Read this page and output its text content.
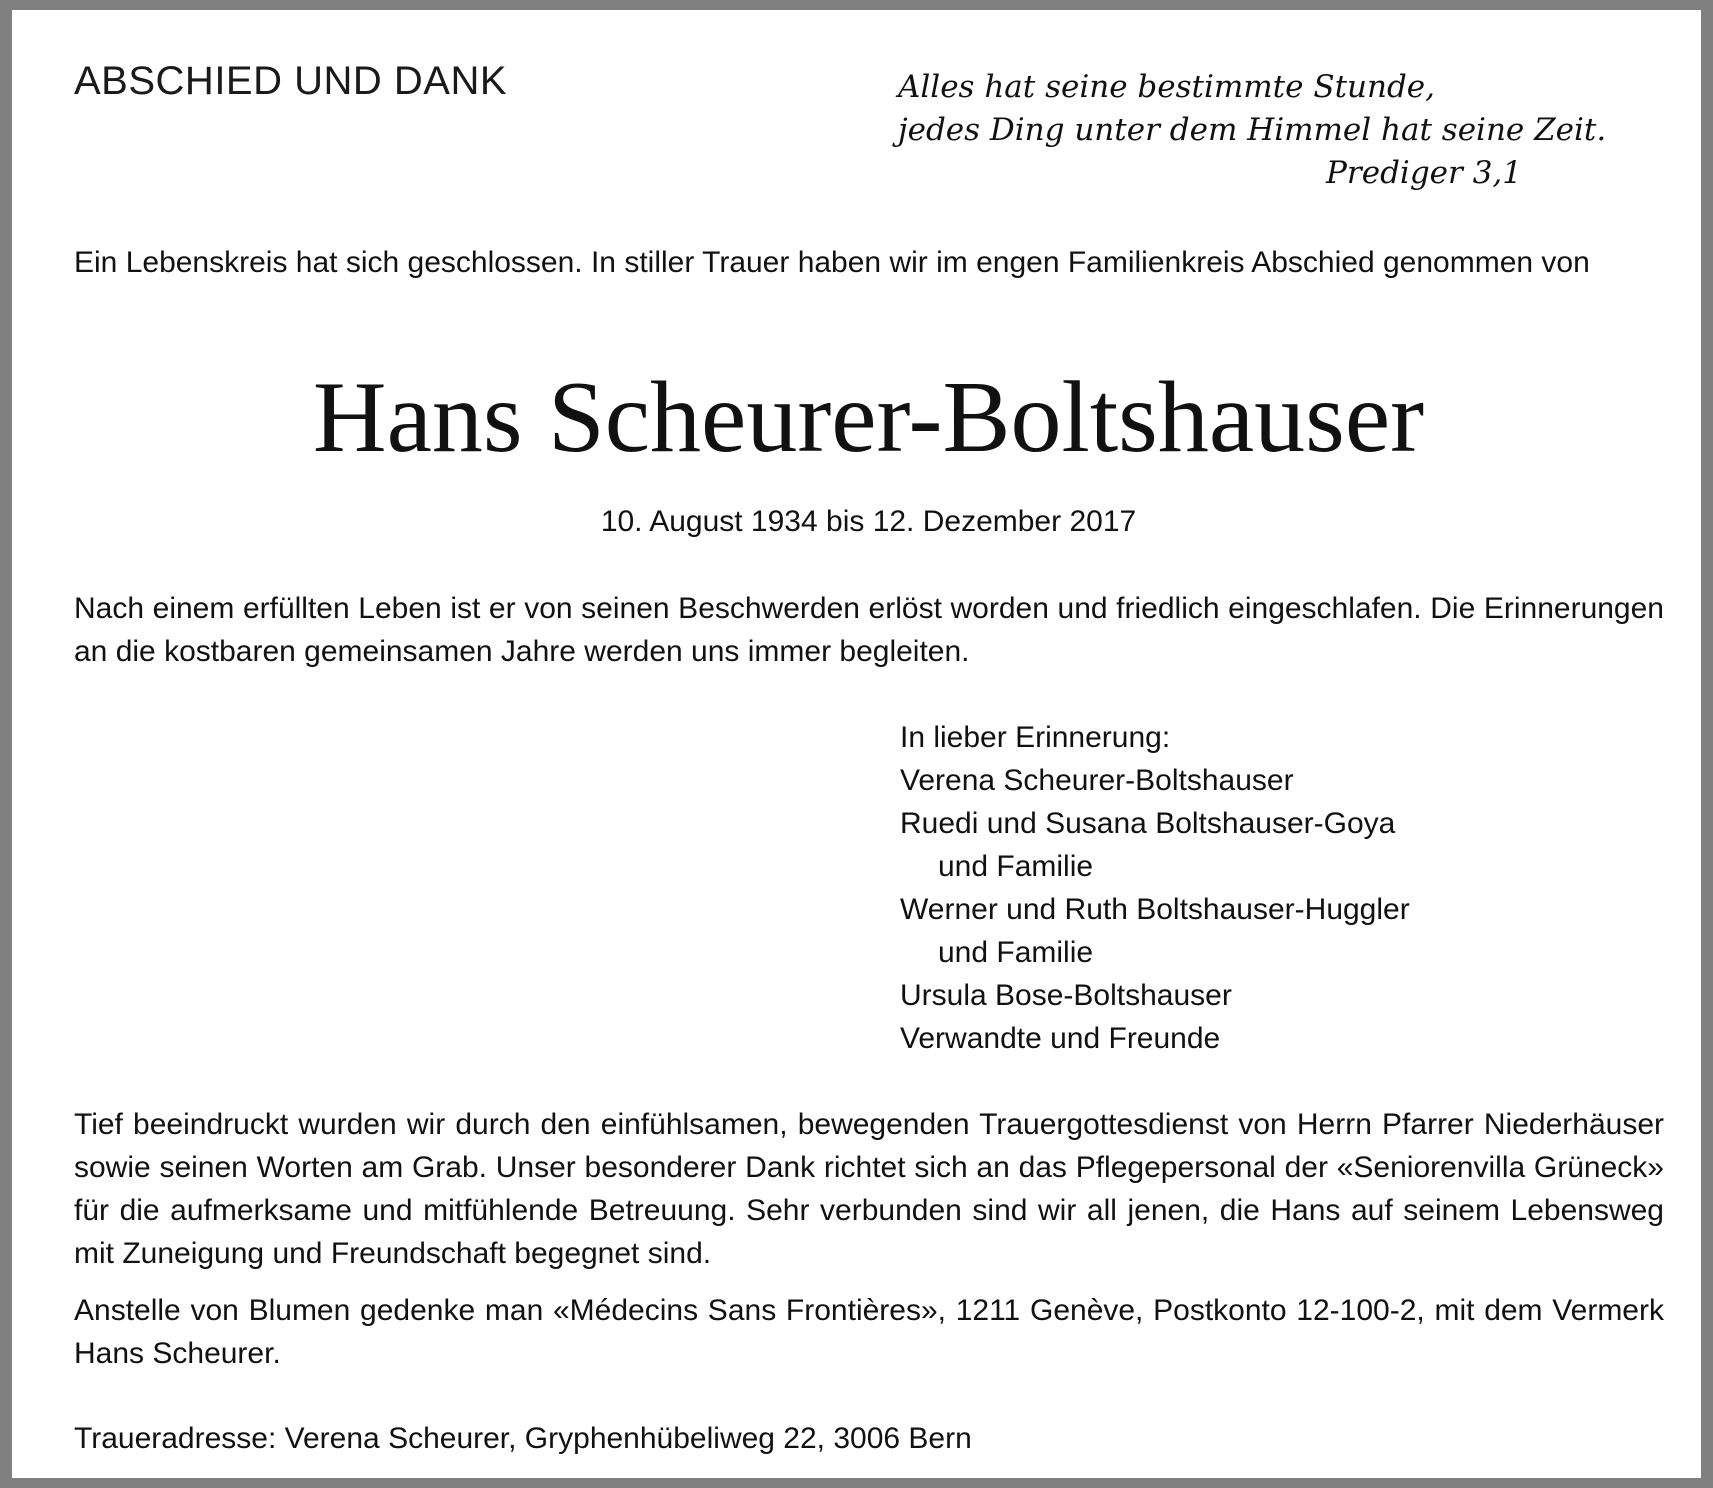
ABSCHIED UND DANK	Alles hat seine bestimmte Stunde,
jedes Ding unter dem Himmel hat seine Zeit.
Prediger 3,1

Ein Lebenskreis hat sich geschlossen. In stiller Trauer haben wir im engen Familienkreis Abschied genommen von

Hans Scheurer-Boltshauser

10. August 1934 bis 12. Dezember 2017

Nach einem erfüllten Leben ist er von seinen Beschwerden erlöst worden und friedlich eingeschlafen. Die Erinnerungen an die kostbaren gemeinsamen Jahre werden uns immer begleiten.

In lieber Erinnerung:
Verena Scheurer-Boltshauser
Ruedi und Susana Boltshauser-Goya
und Familie
Werner und Ruth Boltshauser-Huggler
und Familie
Ursula Bose-Boltshauser
Verwandte und Freunde

Tief beeindruckt wurden wir durch den einfühlsamen, bewegenden Trauergottesdienst von Herrn Pfarrer Niederhäuser sowie seinen Worten am Grab. Unser besonderer Dank richtet sich an das Pflegepersonal der «Seniorenvilla Grüneck» für die aufmerksame und mitfühlende Betreuung. Sehr verbunden sind wir all jenen, die Hans auf seinem Lebensweg mit Zuneigung und Freundschaft begegnet sind.

Anstelle von Blumen gedenke man «Médecins Sans Frontières», 1211 Genève, Postkonto 12-100-2, mit dem Vermerk Hans Scheurer.

Traueradresse: Verena Scheurer, Gryphenhübeliweg 22, 3006 Bern
